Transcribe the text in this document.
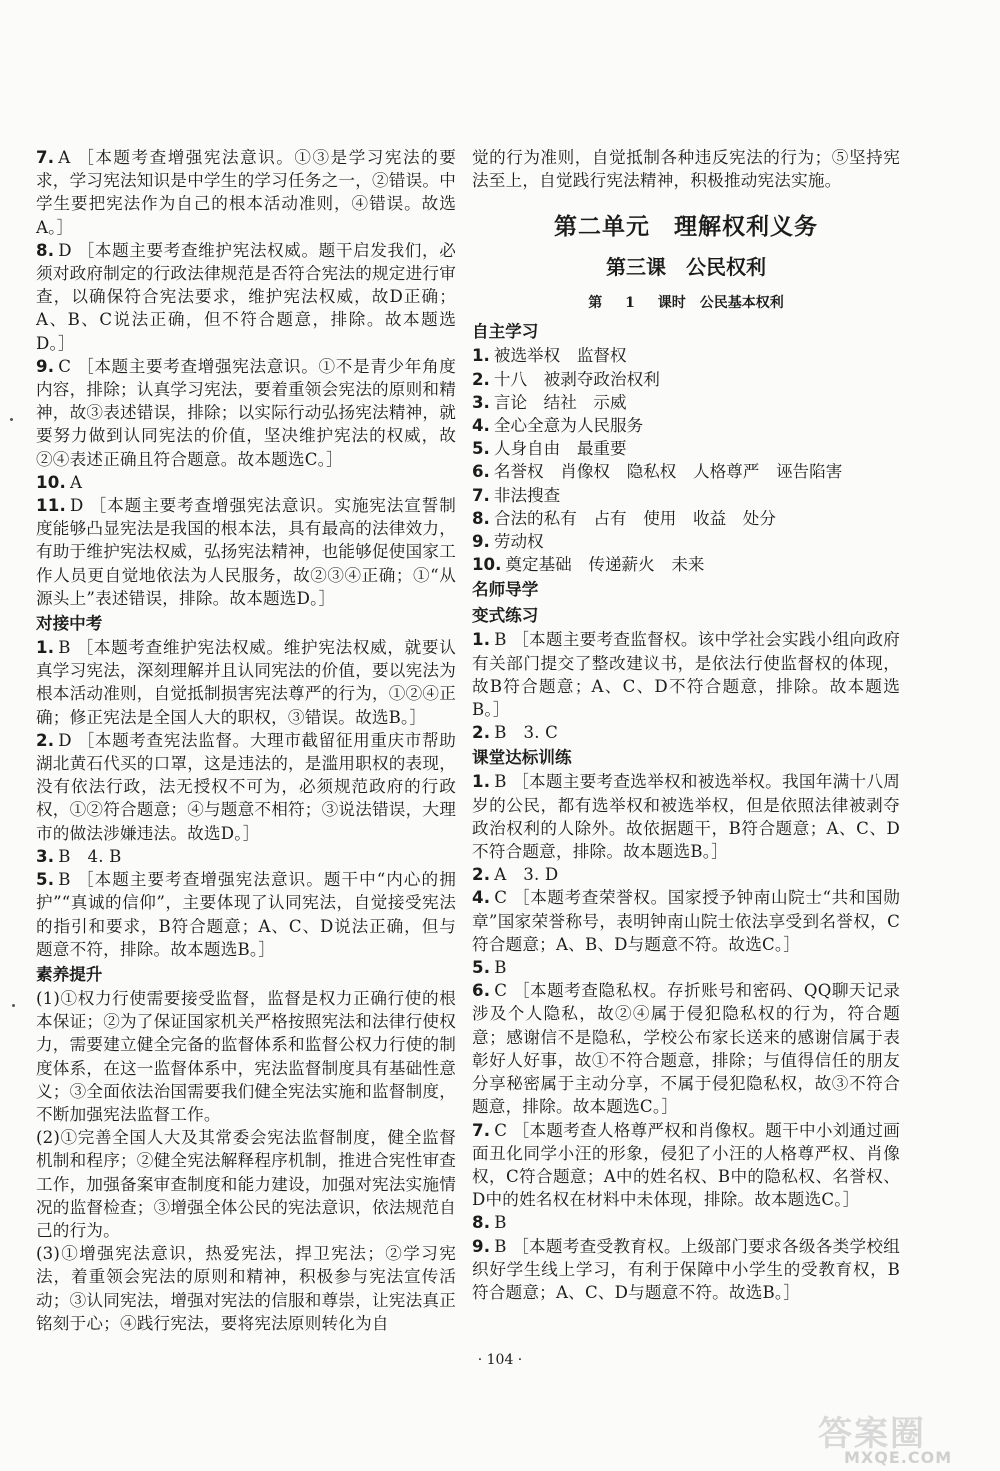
7. A ［本题考查增强宪法意识。①③是学习宪法的要求，学习宪法知识是中学生的学习任务之一，②错误。中学生要把宪法作为自己的根本活动准则，④错误。故选A。］

8. D ［本题主要考查维护宪法权威。题干启发我们，必须对政府制定的行政法律规范是否符合宪法的规定进行审查，以确保符合宪法要求，维护宪法权威，故D正确；A、B、C说法正确，但不符合题意，排除。故本题选D。］

9. C ［本题主要考查增强宪法意识。①不是青少年角度内容，排除；认真学习宪法，要着重领会宪法的原则和精神，故③表述错误，排除；以实际行动弘扬宪法精神，就要努力做到认同宪法的价值，坚决维护宪法的权威，故②④表述正确且符合题意。故本题选C。］

10. A

11. D ［本题主要考查增强宪法意识。实施宪法宣誓制度能够凸显宪法是我国的根本法，具有最高的法律效力，有助于维护宪法权威，弘扬宪法精神，也能够促使国家工作人员更自觉地依法为人民服务，故②③④正确；①“从源头上”表述错误，排除。故本题选D。］

对接中考

1. B ［本题考查维护宪法权威。维护宪法权威，就要认真学习宪法，深刻理解并且认同宪法的价值，要以宪法为根本活动准则，自觉抵制损害宪法尊严的行为，①②④正确；修正宪法是全国人大的职权，③错误。故选B。］

2. D ［本题考查宪法监督。大理市截留征用重庆市帮助湖北黄石代买的口罩，这是违法的，是滥用职权的表现，没有依法行政，法无授权不可为，必须规范政府的行政权，①②符合题意；④与题意不相符；③说法错误，大理市的做法涉嫌违法。故选D。］

3. B　4. B

5. B ［本题主要考查增强宪法意识。题干中“内心的拥护”“真诚的信仰”，主要体现了认同宪法，自觉接受宪法的指引和要求，B符合题意；A、C、D说法正确，但与题意不符，排除。故本题选B。］

素养提升

(1)①权力行使需要接受监督，监督是权力正确行使的根本保证；②为了保证国家机关严格按照宪法和法律行使权力，需要建立健全完备的监督体系和监督公权力行使的制度体系，在这一监督体系中，宪法监督制度具有基础性意义；③全面依法治国需要我们健全宪法实施和监督制度，不断加强宪法监督工作。

(2)①完善全国人大及其常委会宪法监督制度，健全监督机制和程序；②健全宪法解释程序机制，推进合宪性审查工作，加强备案审查制度和能力建设，加强对宪法实施情况的监督检查；③增强全体公民的宪法意识，依法规范自己的行为。

(3)①增强宪法意识，热爱宪法，捍卫宪法；②学习宪法，着重领会宪法的原则和精神，积极参与宪法宣传活动；③认同宪法，增强对宪法的信服和尊崇，让宪法真正铭刻于心；④践行宪法，要将宪法原则转化为自

觉的行为准则，自觉抵制各种违反宪法的行为；⑤坚持宪法至上，自觉践行宪法精神，积极推动宪法实施。

第二单元　理解权利义务
第三课　公民权利
第 1 课时　公民基本权利
自主学习

1. 被选举权　监督权

2. 十八　被剥夺政治权利

3. 言论　结社　示威

4. 全心全意为人民服务

5. 人身自由　最重要

6. 名誉权　肖像权　隐私权　人格尊严　诬告陷害

7. 非法搜查

8. 合法的私有　占有　使用　收益　处分

9. 劳动权

10. 奠定基础　传递薪火　未来

名师导学
变式练习

1. B ［本题主要考查监督权。该中学社会实践小组向政府有关部门提交了整改建议书，是依法行使监督权的体现，故B符合题意；A、C、D不符合题意，排除。故本题选B。］

2. B　3. C

课堂达标训练

1. B ［本题主要考查选举权和被选举权。我国年满十八周岁的公民，都有选举权和被选举权，但是依照法律被剥夺政治权利的人除外。故依据题干，B符合题意；A、C、D不符合题意，排除。故本题选B。］

2. A　3. D

4. C ［本题考查荣誉权。国家授予钟南山院士“共和国勋章”国家荣誉称号，表明钟南山院士依法享受到名誉权，C符合题意；A、B、D与题意不符。故选C。］

5. B

6. C ［本题考查隐私权。存折账号和密码、QQ聊天记录涉及个人隐私，故②④属于侵犯隐私权的行为，符合题意；感谢信不是隐私，学校公布家长送来的感谢信属于表彰好人好事，故①不符合题意，排除；与值得信任的朋友分享秘密属于主动分享，不属于侵犯隐私权，故③不符合题意，排除。故本题选C。］

7. C ［本题考查人格尊严权和肖像权。题干中小刘通过画面丑化同学小汪的形象，侵犯了小汪的人格尊严权、肖像权，C符合题意；A中的姓名权、B中的隐私权、名誉权、D中的姓名权在材料中未体现，排除。故本题选C。］

8. B

9. B ［本题考查受教育权。上级部门要求各级各类学校组织好学生线上学习，有利于保障中小学生的受教育权，B符合题意；A、C、D与题意不符。故选B。］

· 104 ·
答案圈
MXQE.COM
